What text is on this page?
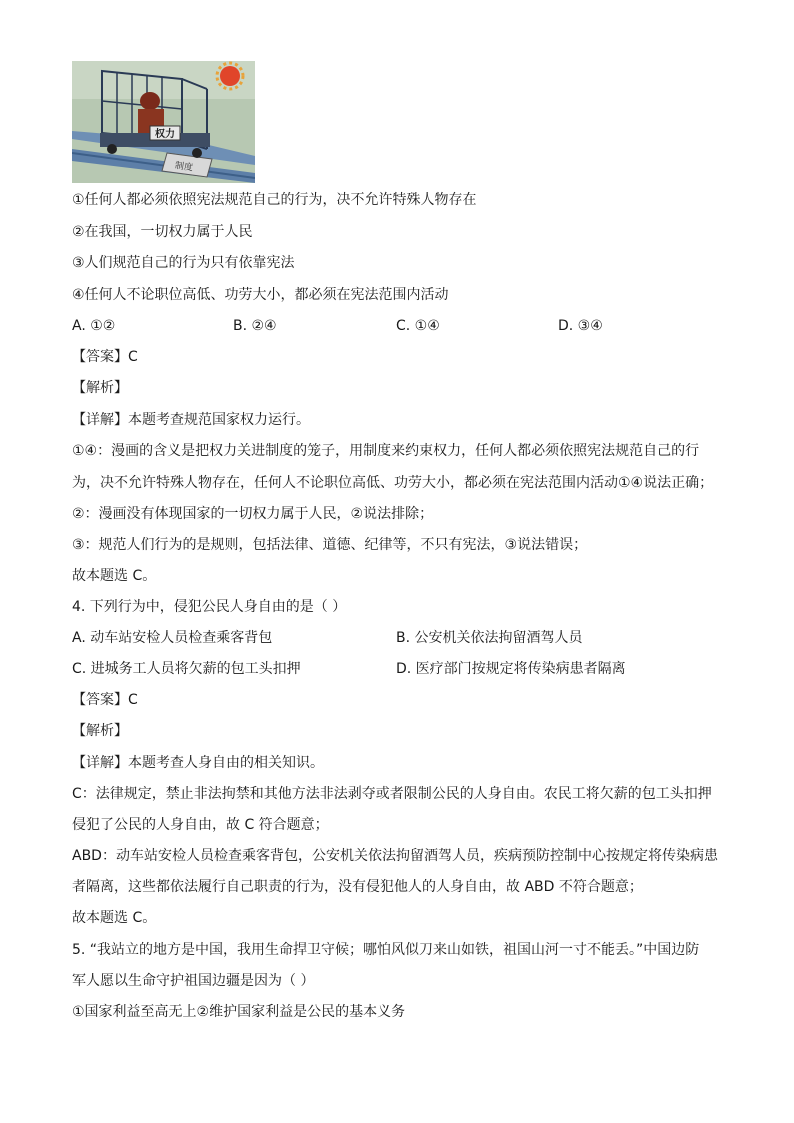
制度
权力
①任何人都必须依照宪法规范自己的行为，决不允许特殊人物存在
②在我国，一切权力属于人民
③人们规范自己的行为只有依靠宪法
④任何人不论职位高低、功劳大小，都必须在宪法范围内活动
A. ①②	B. ②④	C. ①④	D. ③④
【答案】C
【解析】
【详解】本题考查规范国家权力运行。
①④：漫画的含义是把权力关进制度的笼子，用制度来约束权力，任何人都必须依照宪法规范自己的行
为，决不允许特殊人物存在，任何人不论职位高低、功劳大小，都必须在宪法范围内活动①④说法正确；
②：漫画没有体现国家的一切权力属于人民，②说法排除；
③：规范人们行为的是规则，包括法律、道德、纪律等，不只有宪法，③说法错误；
故本题选 C。
4. 下列行为中，侵犯公民人身自由的是（ ）
A. 动车站安检人员检查乘客背包	B. 公安机关依法拘留酒驾人员
C. 进城务工人员将欠薪的包工头扣押	D. 医疗部门按规定将传染病患者隔离
【答案】C
【解析】
【详解】本题考查人身自由的相关知识。
C：法律规定，禁止非法拘禁和其他方法非法剥夺或者限制公民的人身自由。农民工将欠薪的包工头扣押
侵犯了公民的人身自由，故 C 符合题意；
ABD：动车站安检人员检查乘客背包，公安机关依法拘留酒驾人员，疾病预防控制中心按规定将传染病患
者隔离，这些都依法履行自己职责的行为，没有侵犯他人的人身自由，故 ABD 不符合题意；
故本题选 C。
5. “我站立的地方是中国，我用生命捍卫守候；哪怕风似刀来山如铁，祖国山河一寸不能丢。”中国边防
军人愿以生命守护祖国边疆是因为（ ）
①国家利益至高无上②维护国家利益是公民的基本义务
